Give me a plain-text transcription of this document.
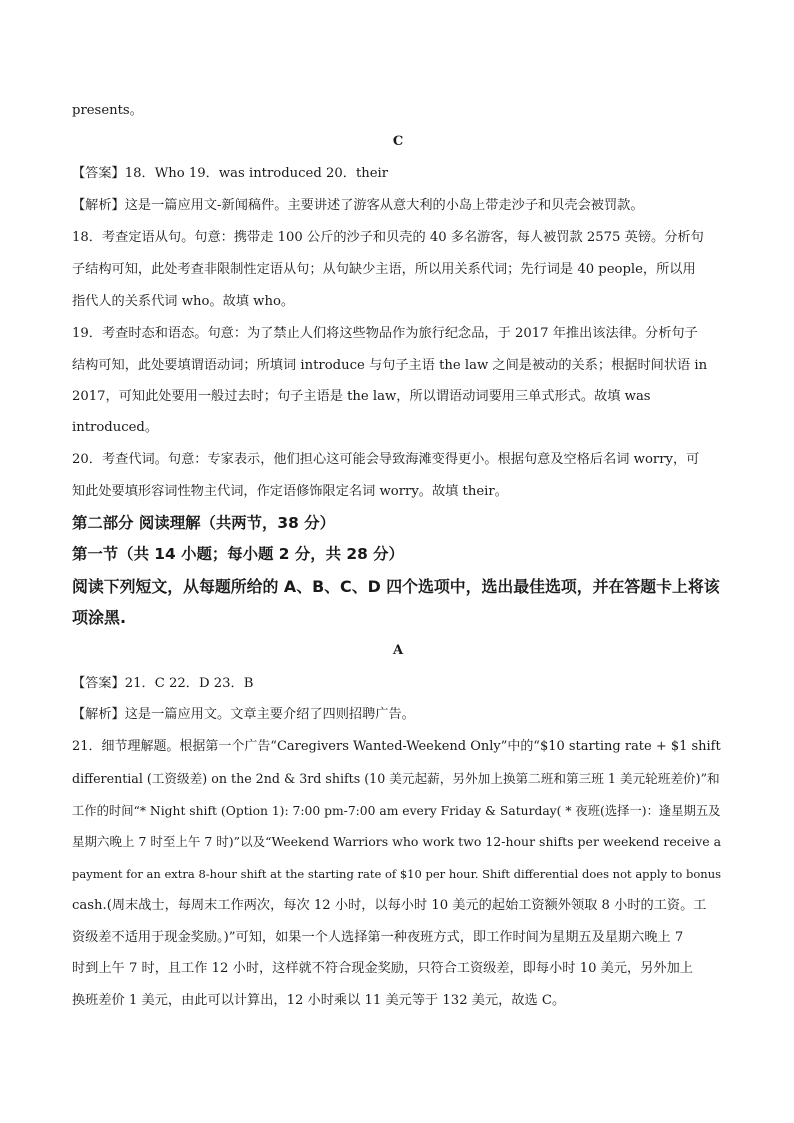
presents。
C
【答案】18．Who 19．was introduced 20．their
【解析】这是一篇应用文-新闻稿件。主要讲述了游客从意大利的小岛上带走沙子和贝壳会被罚款。
18．考查定语从句。句意：携带走 100 公斤的沙子和贝壳的 40 多名游客，每人被罚款 2575 英镑。分析句
子结构可知，此处考查非限制性定语从句；从句缺少主语，所以用关系代词；先行词是 40 people，所以用
指代人的关系代词 who。故填 who。
19．考查时态和语态。句意：为了禁止人们将这些物品作为旅行纪念品，于 2017 年推出该法律。分析句子
结构可知，此处要填谓语动词；所填词 introduce 与句子主语 the law 之间是被动的关系；根据时间状语 in
2017，可知此处要用一般过去时；句子主语是 the law，所以谓语动词要用三单式形式。故填 was
introduced。
20．考查代词。句意：专家表示，他们担心这可能会导致海滩变得更小。根据句意及空格后名词 worry，可
知此处要填形容词性物主代词，作定语修饰限定名词 worry。故填 their。
第二部分 阅读理解（共两节，38 分）
第一节（共 14 小题；每小题 2 分，共 28 分）
阅读下列短文，从每题所给的 A、B、C、D 四个选项中，选出最佳选项，并在答题卡上将该
项涂黑.
A
【答案】21．C 22．D 23．B
【解析】这是一篇应用文。文章主要介绍了四则招聘广告。
21．细节理解题。根据第一个广告“Caregivers Wanted-Weekend Only”中的“$10 starting rate + $1 shift
differential (工资级差) on the 2nd & 3rd shifts (10 美元起薪，另外加上换第二班和第三班 1 美元轮班差价)”和
工作的时间“* Night shift (Option 1): 7:00 pm-7:00 am every Friday & Saturday( * 夜班(选择一)：逢星期五及
星期六晚上 7 时至上午 7 时)”以及“Weekend Warriors who work two 12-hour shifts per weekend receive a
payment for an extra 8-hour shift at the starting rate of $10 per hour. Shift differential does not apply to bonus
cash.(周末战士，每周末工作两次，每次 12 小时，以每小时 10 美元的起始工资额外领取 8 小时的工资。工
资级差不适用于现金奖励。)”可知，如果一个人选择第一种夜班方式，即工作时间为星期五及星期六晚上 7
时到上午 7 时，且工作 12 小时，这样就不符合现金奖励，只符合工资级差，即每小时 10 美元，另外加上
换班差价 1 美元，由此可以计算出，12 小时乘以 11 美元等于 132 美元，故选 C。
